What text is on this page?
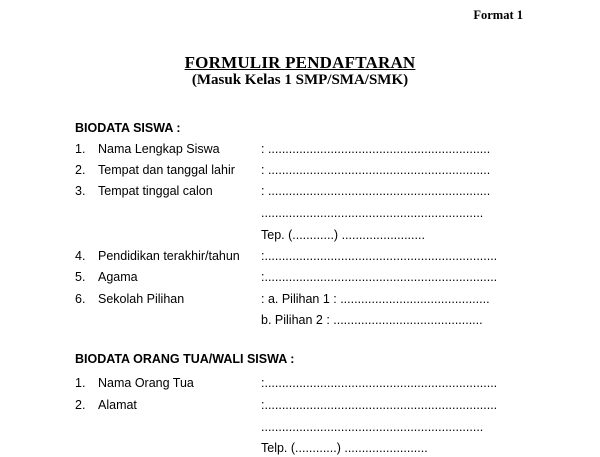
Format 1
FORMULIR PENDAFTARAN
(Masuk Kelas 1 SMP/SMA/SMK)
BIODATA SISWA :
1. Nama Lengkap Siswa	: ................................................................
2. Tempat dan tanggal lahir : ................................................................
3. Tempat tinggal calon	: ................................................................
................................................................
Tep. (............) ........................
4. Pendidikan terakhir/tahun :...................................................................
5. Agama	:...................................................................
6. Sekolah Pilihan	: a. Pilihan 1 : ...........................................
b. Pilihan 2 : ...........................................
BIODATA ORANG TUA/WALI SISWA :
1. Nama Orang Tua	:...................................................................
2. Alamat	:...................................................................
................................................................
Telp. (............) ........................
